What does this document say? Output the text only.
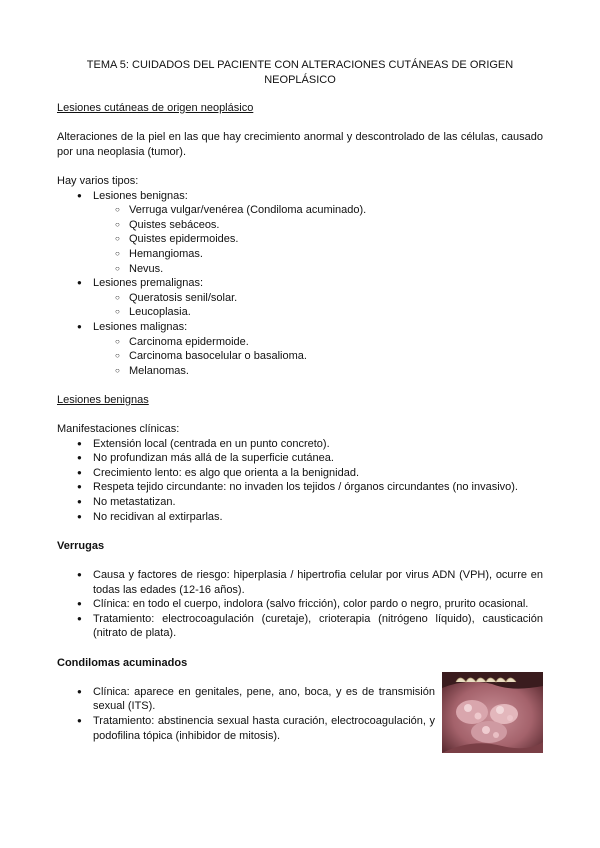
TEMA 5: CUIDADOS DEL PACIENTE CON ALTERACIONES CUTÁNEAS DE ORIGEN NEOPLÁSICO

Lesiones cutáneas de origen neoplásico

Alteraciones de la piel en las que hay crecimiento anormal y descontrolado de las células, causado por una neoplasia (tumor).

Hay varios tipos:

● Lesiones benignas:
○ Verruga vulgar/venérea (Condiloma acuminado).
○ Quistes sebáceos.
○ Quistes epidermoides.
○ Hemangiomas.
○ Nevus.
● Lesiones premalignas:
○ Queratosis senil/solar.
○ Leucoplasia.
● Lesiones malignas:
○ Carcinoma epidermoide.
○ Carcinoma basocelular o basalioma.
○ Melanomas.

Lesiones benignas

Manifestaciones clínicas:

● Extensión local (centrada en un punto concreto).
● No profundizan más allá de la superficie cutánea.
● Crecimiento lento: es algo que orienta a la benignidad.
● Respeta tejido circundante: no invaden los tejidos / órganos circundantes (no invasivo).
● No metastatizan.
● No recidivan al extirparlas.

Verrugas

● Causa y factores de riesgo: hiperplasia / hipertrofia celular por virus ADN (VPH), ocurre en todas las edades (12-16 años).
● Clínica: en todo el cuerpo, indolora (salvo fricción), color pardo o negro, prurito ocasional.
● Tratamiento: electrocoagulación (curetaje), crioterapia (nitrógeno líquido), causticación (nitrato de plata).

Condilomas acuminados

● Clínica: aparece en genitales, pene, ano, boca, y es de transmisión sexual (ITS).
● Tratamiento: abstinencia sexual hasta curación, electrocoagulación, y podofilina tópica (inhibidor de mitosis).
